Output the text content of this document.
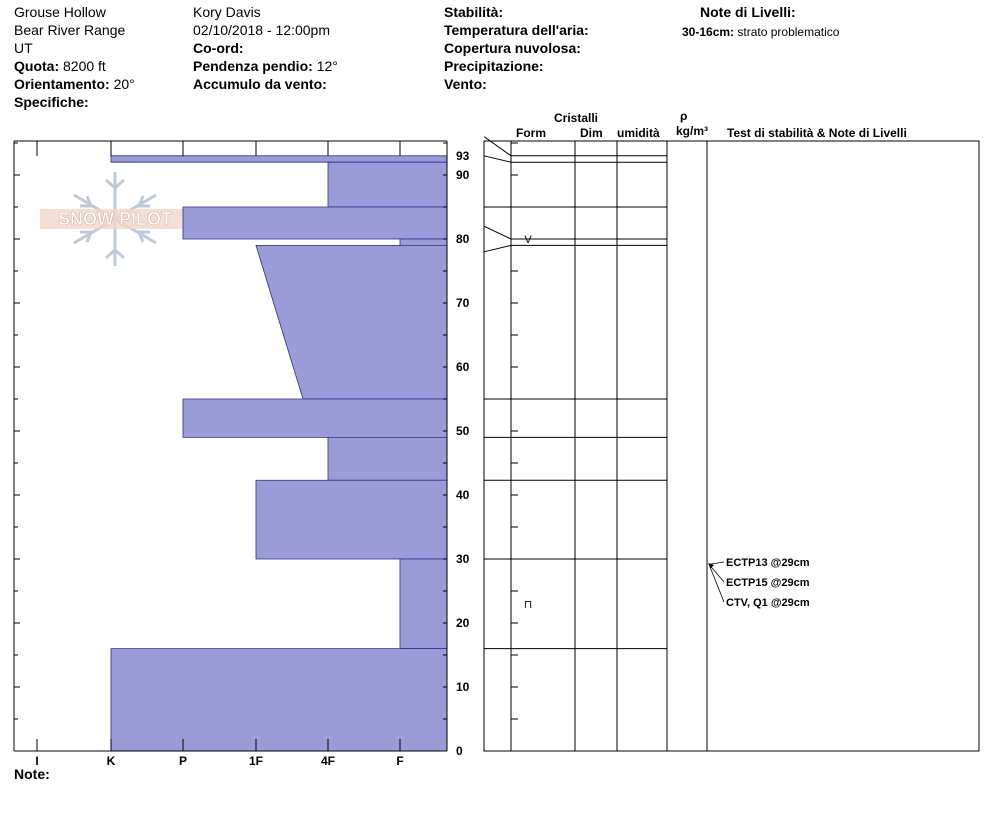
Grouse Hollow
Bear River Range
UT
Quota: 8200 ft
Orientamento: 20°
Specifiche:
Kory Davis
02/10/2018 - 12:00pm
Co-ord:
Pendenza pendio: 12°
Accumulo da vento:
Stabilità:
Temperatura dell'aria:
Copertura nuvolosa:
Precipitazione:
Vento:
Note di Livelli:
30-16cm: strato problematico
Cristalli
Form	Dim umidità
ρ
kg/m³ Test di stabilità & Note di Livelli
Note:
SNOW PILOT
I	K	P	1F	4F	F
0
10
20
30
40
50
60
70
80
90
93
V
⊓
ECTP13 @29cm
ECTP15 @29cm
CTV, Q1 @29cm
